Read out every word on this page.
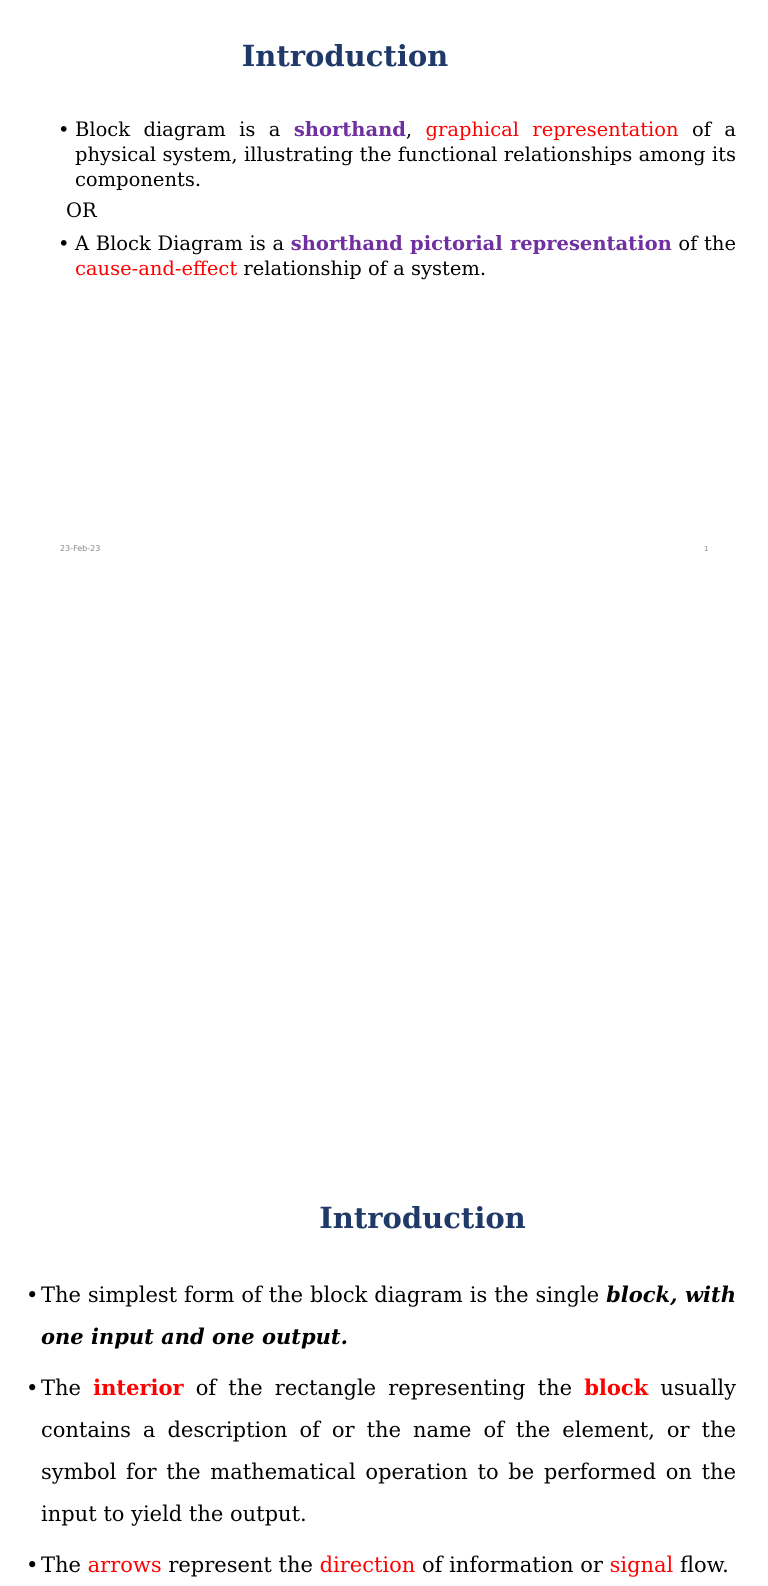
Introduction

• Block diagram is a shorthand, graphical representation of a physical system, illustrating the functional relationships among its components.

OR

• A Block Diagram is a shorthand pictorial representation of the cause-and-effect relationship of a system.

23-Feb-23	1
Introduction

• The simplest form of the block diagram is the single block, with one input and one output.

• The interior of the rectangle representing the block usually contains a description of or the name of the element, or the symbol for the mathematical operation to be performed on the input to yield the output.

• The arrows represent the direction of information or signal flow.
